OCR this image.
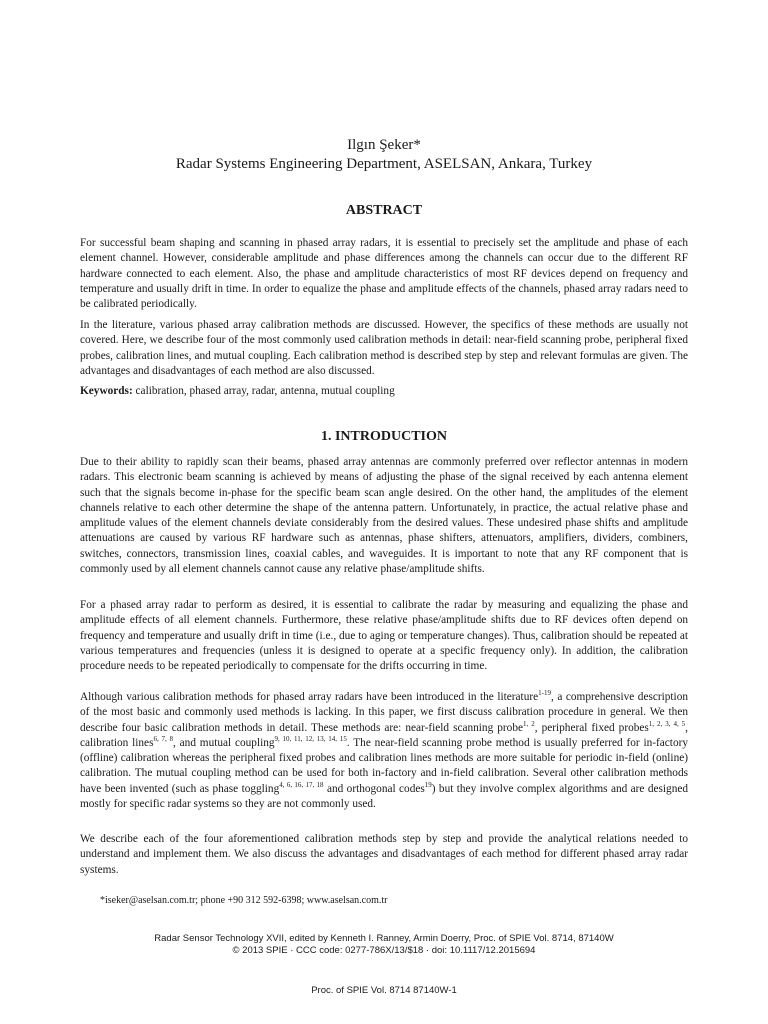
Ilgın Şeker*
Radar Systems Engineering Department, ASELSAN, Ankara, Turkey
ABSTRACT
For successful beam shaping and scanning in phased array radars, it is essential to precisely set the amplitude and phase of each element channel. However, considerable amplitude and phase differences among the channels can occur due to the different RF hardware connected to each element. Also, the phase and amplitude characteristics of most RF devices depend on frequency and temperature and usually drift in time. In order to equalize the phase and amplitude effects of the channels, phased array radars need to be calibrated periodically.
In the literature, various phased array calibration methods are discussed. However, the specifics of these methods are usually not covered. Here, we describe four of the most commonly used calibration methods in detail: near-field scanning probe, peripheral fixed probes, calibration lines, and mutual coupling. Each calibration method is described step by step and relevant formulas are given. The advantages and disadvantages of each method are also discussed.
Keywords: calibration, phased array, radar, antenna, mutual coupling
1. INTRODUCTION
Due to their ability to rapidly scan their beams, phased array antennas are commonly preferred over reflector antennas in modern radars. This electronic beam scanning is achieved by means of adjusting the phase of the signal received by each antenna element such that the signals become in-phase for the specific beam scan angle desired. On the other hand, the amplitudes of the element channels relative to each other determine the shape of the antenna pattern. Unfortunately, in practice, the actual relative phase and amplitude values of the element channels deviate considerably from the desired values. These undesired phase shifts and amplitude attenuations are caused by various RF hardware such as antennas, phase shifters, attenuators, amplifiers, dividers, combiners, switches, connectors, transmission lines, coaxial cables, and waveguides. It is important to note that any RF component that is commonly used by all element channels cannot cause any relative phase/amplitude shifts.
For a phased array radar to perform as desired, it is essential to calibrate the radar by measuring and equalizing the phase and amplitude effects of all element channels. Furthermore, these relative phase/amplitude shifts due to RF devices often depend on frequency and temperature and usually drift in time (i.e., due to aging or temperature changes). Thus, calibration should be repeated at various temperatures and frequencies (unless it is designed to operate at a specific frequency only). In addition, the calibration procedure needs to be repeated periodically to compensate for the drifts occurring in time.
Although various calibration methods for phased array radars have been introduced in the literature$^{1-19}$, a comprehensive description of the most basic and commonly used methods is lacking. In this paper, we first discuss calibration procedure in general. We then describe four basic calibration methods in detail. These methods are: near-field scanning probe$^{1, 2}$, peripheral fixed probes$^{1, 2, 3, 4, 5}$, calibration lines$^{6, 7, 8}$, and mutual coupling$^{9, 10, 11, 12, 13, 14, 15}$. The near-field scanning probe method is usually preferred for in-factory (offline) calibration whereas the peripheral fixed probes and calibration lines methods are more suitable for periodic in-field (online) calibration. The mutual coupling method can be used for both in-factory and in-field calibration. Several other calibration methods have been invented (such as phase toggling$^{4, 6, 16, 17, 18}$ and orthogonal codes$^{19}$) but they involve complex algorithms and are designed mostly for specific radar systems so they are not commonly used.
We describe each of the four aforementioned calibration methods step by step and provide the analytical relations needed to understand and implement them. We also discuss the advantages and disadvantages of each method for different phased array radar systems.
*iseker@aselsan.com.tr; phone +90 312 592-6398; www.aselsan.com.tr
Radar Sensor Technology XVII, edited by Kenneth I. Ranney, Armin Doerry, Proc. of SPIE Vol. 8714, 87140W
© 2013 SPIE · CCC code: 0277-786X/13/$18 · doi: 10.1117/12.2015694
Proc. of SPIE Vol. 8714 87140W-1
